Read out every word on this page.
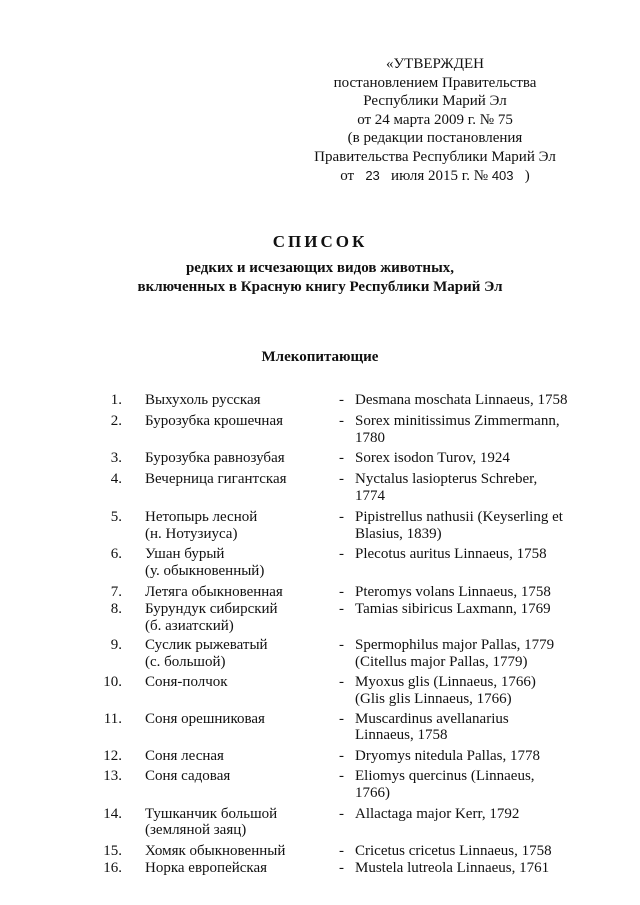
«УТВЕРЖДЕН
постановлением Правительства
Республики Марий Эл
от 24 марта 2009 г. № 75
(в редакции постановления
Правительства Республики Марий Эл
от 23 июля 2015 г. № 403 )
СПИСОК
редких и исчезающих видов животных,
включенных в Красную книгу Республики Марий Эл
Млекопитающие
1. Выхухоль русская	- Desmana moschata Linnaeus, 1758
2. Бурозубка крошечная	- Sorex minitissimus Zimmermann,
1780
3. Бурозубка равнозубая	- Sorex isodon Turov, 1924
4. Вечерница гигантская	- Nyctalus lasiopterus Schreber,
1774
5. Нетопырь лесной
(н. Нотузиуса)
- Pipistrellus nathusii (Keyserling et
Blasius, 1839)
6. Ушан бурый
(у. обыкновенный)
- Plecotus auritus Linnaeus, 1758
7. Летяга обыкновенная	- Pteromys volans Linnaeus, 1758
8. Бурундук сибирский
(б. азиатский)
- Tamias sibiricus Laxmann, 1769
9. Суслик рыжеватый
(с. большой)
- Spermophilus major Pallas, 1779
(Citellus major Pallas, 1779)
10. Соня-полчок	- Myoxus glis (Linnaeus, 1766)
(Glis glis Linnaeus, 1766)
11. Соня орешниковая	- Muscardinus avellanarius
Linnaeus, 1758
12. Соня лесная	- Dryomys nitedula Pallas, 1778
13. Соня садовая	- Eliomys quercinus (Linnaeus,
1766)
14. Тушканчик большой
(земляной заяц)
- Allactaga major Kerr, 1792
15. Хомяк обыкновенный	- Cricetus cricetus Linnaeus, 1758
16. Норка европейская	- Mustela lutreola Linnaeus, 1761
